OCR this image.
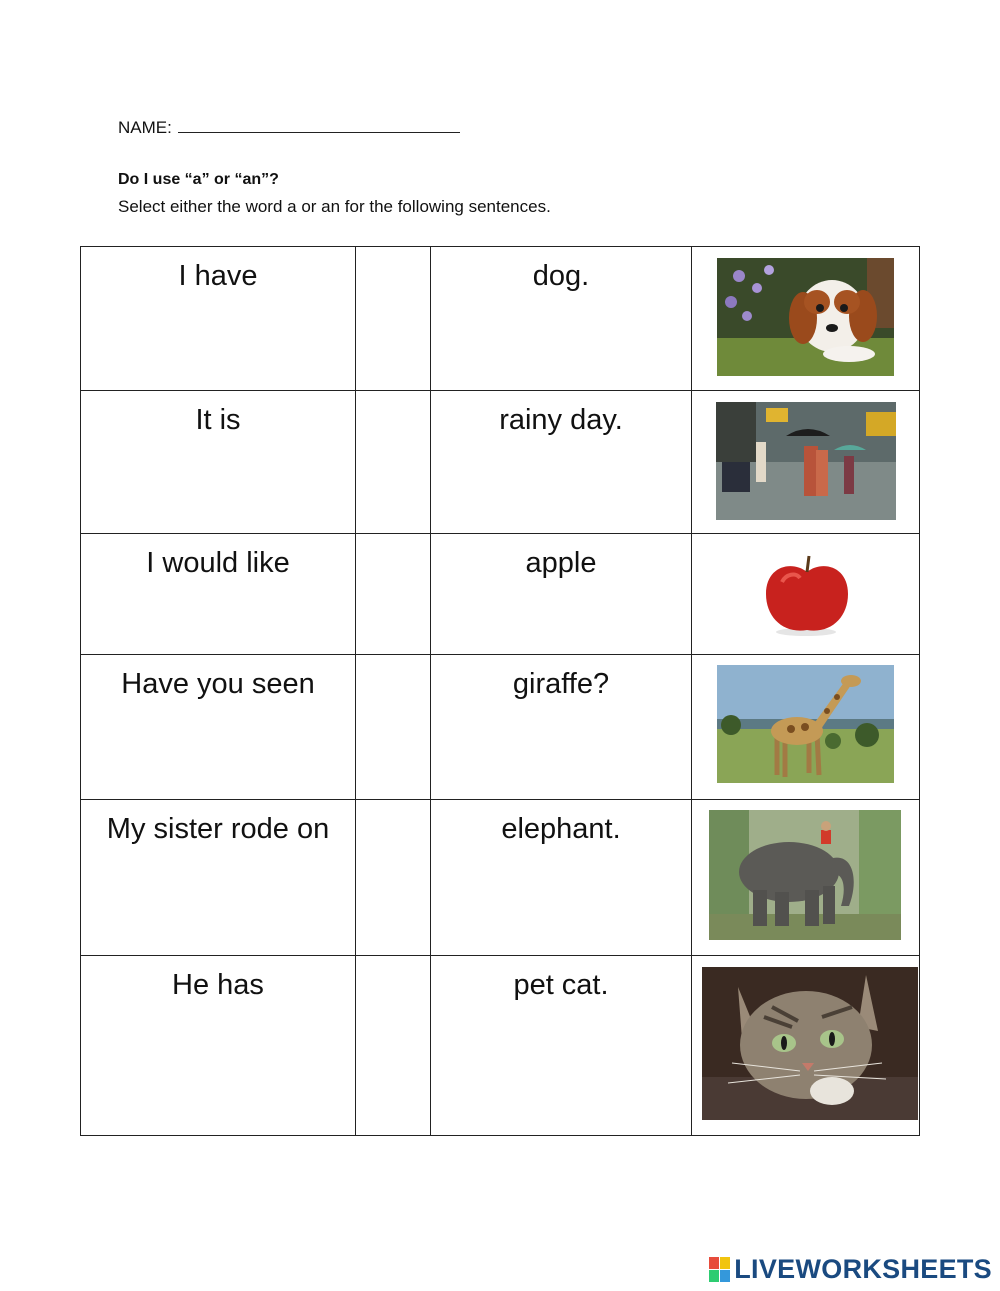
NAME:
Do I use “a” or “an”?
Select either the word a or an for the following sentences.
I have		dog.

It is		rainy day.

I would like		apple

Have you seen		giraffe?

My sister rode on		elephant.

He has		pet cat.

LIVEWORKSHEETS
